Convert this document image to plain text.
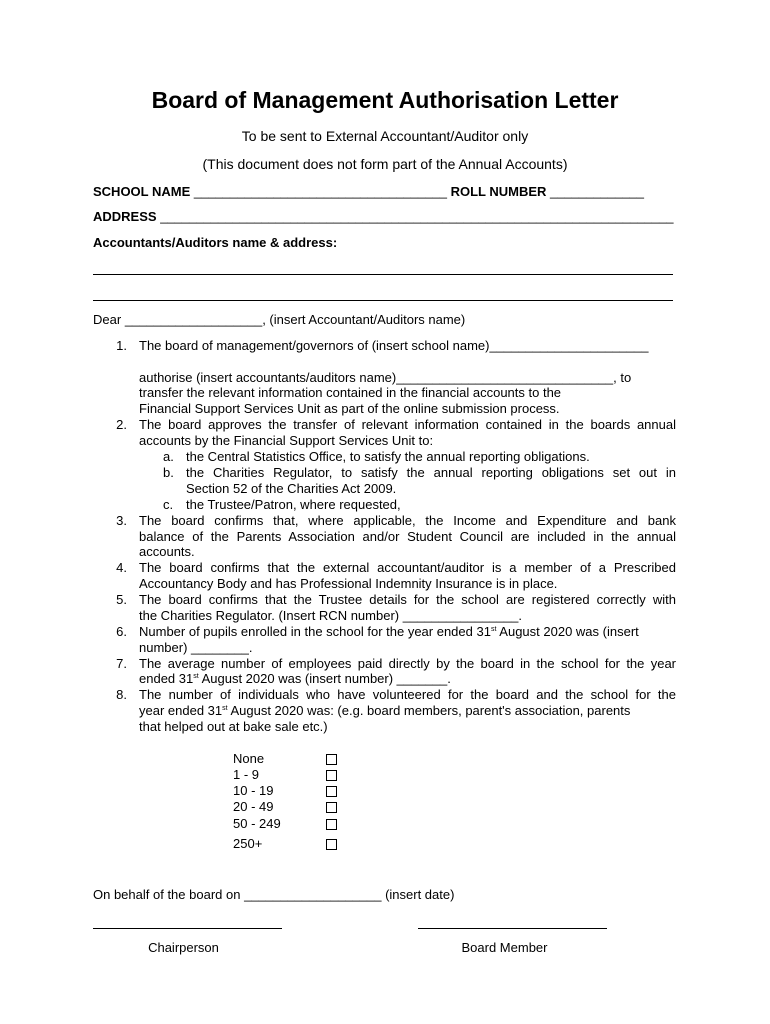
Board of Management Authorisation Letter
To be sent to External Accountant/Auditor only
(This document does not form part of the Annual Accounts)
SCHOOL NAME ___________________________________ ROLL NUMBER _____________
ADDRESS _______________________________________________________________________
Accountants/Auditors name & address:
Dear ___________________, (insert Accountant/Auditors name)
1. The board of management/governors of (insert school name)______________________
authorise (insert accountants/auditors name)______________________________, to
transfer the relevant information contained in the financial accounts to the
Financial Support Services Unit as part of the online submission process.
2. The board approves the transfer of relevant information contained in the boards annual
accounts by the Financial Support Services Unit to:
a. the Central Statistics Office, to satisfy the annual reporting obligations.
b. the Charities Regulator, to satisfy the annual reporting obligations set out in
Section 52 of the Charities Act 2009.
c. the Trustee/Patron, where requested,
3. The board confirms that, where applicable, the Income and Expenditure and bank
balance of the Parents Association and/or Student Council are included in the annual
accounts.
4. The board confirms that the external accountant/auditor is a member of a Prescribed
Accountancy Body and has Professional Indemnity Insurance is in place.
5. The board confirms that the Trustee details for the school are registered correctly with
the Charities Regulator. (Insert RCN number) ________________.
6. Number of pupils enrolled in the school for the year ended 31st August 2020 was (insert
number) ________.
7. The average number of employees paid directly by the board in the school for the year
ended 31st August 2020 was (insert number) _______.
8. The number of individuals who have volunteered for the board and the school for the
year ended 31st August 2020 was: (e.g. board members, parent's association, parents
that helped out at bake sale etc.)
None
1 - 9
10 - 19
20 - 49
50 - 249
250+
On behalf of the board on ___________________ (insert date)
Chairperson	Board Member
